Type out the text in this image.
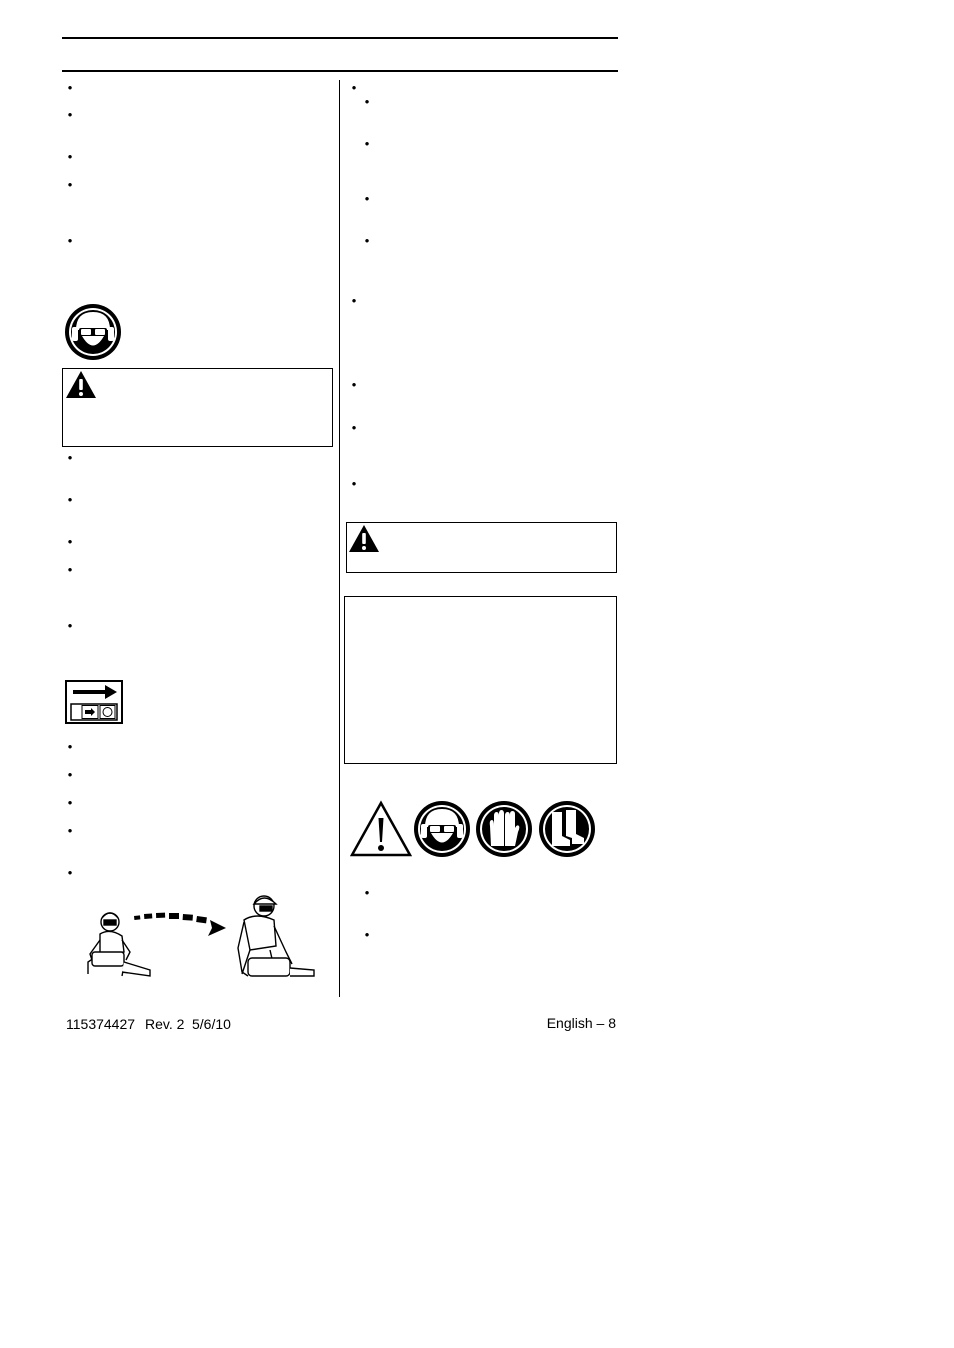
•
•
•
•
•
•
•
•
•
•
•
•
•
•
•
•
•
•
•
•
•
•
•
•
•
•
115374427 Rev. 2 5/6/10	English – 8
